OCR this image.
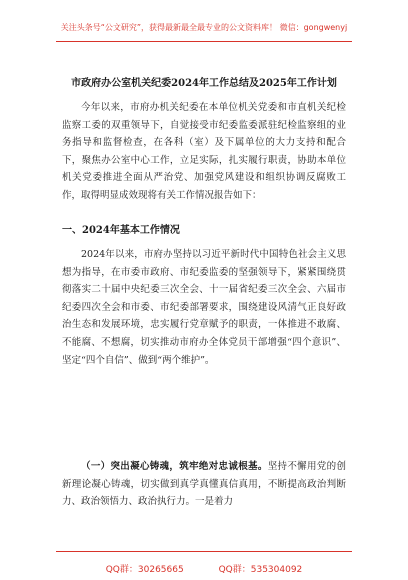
关注头条号“公文研究”，获得最新最全最专业的公文资料库！ 微信：gongwenyj
市政府办公室机关纪委2024年工作总结及2025年工作计划
今年以来，市府办机关纪委在本单位机关党委和市直机关纪检监察工委的双重领导下，自觉接受市纪委监委派驻纪检监察组的业务指导和监督检查，在各科（室）及下属单位的大力支持和配合下，聚焦办公室中心工作，立足实际，扎实履行职责，协助本单位机关党委推进全面从严治党、加强党风建设和组织协调反腐败工作，取得明显成效现将有关工作情况报告如下：
一、2024年基本工作情况
2024年以来，市府办坚持以习近平新时代中国特色社会主义思想为指导，在市委市政府、市纪委监委的坚强领导下，紧紧围绕贯彻落实二十届中央纪委三次全会、十一届省纪委三次全会、六届市纪委四次全会和市委、市纪委部署要求，围绕建设风清气正良好政治生态和发展环境，忠实履行党章赋予的职责，一体推进不敢腐、不能腐、不想腐，切实推动市府办全体党员干部增强“四个意识”、坚定“四个自信”、做到“两个维护”。
（一）突出凝心铸魂，筑牢绝对忠诚根基。坚持不懈用党的创新理论凝心铸魂，切实做到真学真懂真信真用，不断提高政治判断力、政治领悟力、政治执行力。一是着力
QQ群：30265665	QQ群：535304092
